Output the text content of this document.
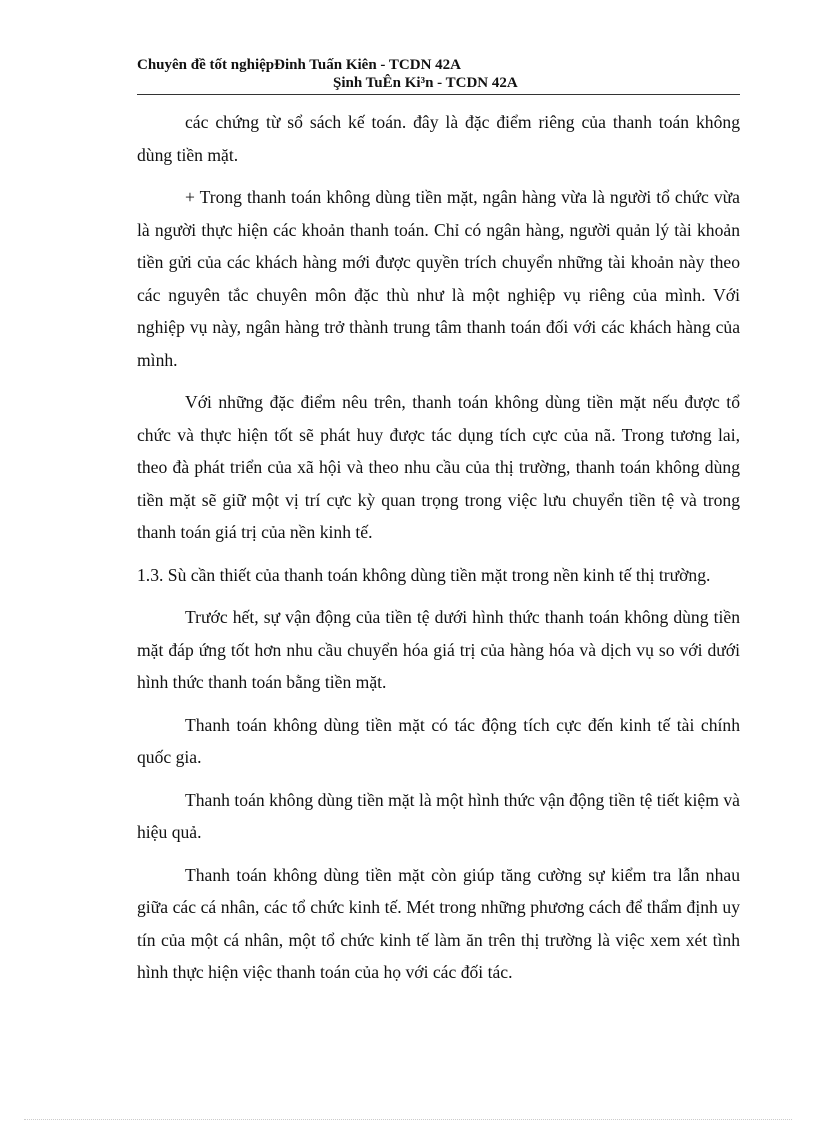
Chuyên đề tốt nghiệpĐinh Tuấn Kiên - TCDN 42A
Şinh TuÊn Ki³n - TCDN 42A

các chứng từ sổ sách kế toán. đây là đặc điểm riêng của thanh toán không dùng tiền mặt.

+ Trong thanh toán không dùng tiền mặt, ngân hàng vừa là người tổ chức vừa là người thực hiện các khoản thanh toán. Chỉ có ngân hàng, người quản lý tài khoản tiền gửi của các khách hàng mới được quyền trích chuyển những tài khoản này theo các nguyên tắc chuyên môn đặc thù như là một nghiệp vụ riêng của mình. Với nghiệp vụ này, ngân hàng trở thành trung tâm thanh toán đối với các khách hàng của mình.

Với những đặc điểm nêu trên, thanh toán không dùng tiền mặt nếu được tổ chức và thực hiện tốt sẽ phát huy được tác dụng tích cực của nã. Trong tương lai, theo đà phát triển của xã hội và theo nhu cầu của thị trường, thanh toán không dùng tiền mặt sẽ giữ một vị trí cực kỳ quan trọng trong việc lưu chuyển tiền tệ và trong thanh toán giá trị của nền kinh tế.

1.3. Sù cần thiết của thanh toán không dùng tiền mặt trong nền kinh tế thị trường.

Trước hết, sự vận động của tiền tệ dưới hình thức thanh toán không dùng tiền mặt đáp ứng tốt hơn nhu cầu chuyển hóa giá trị của hàng hóa và dịch vụ so với dưới hình thức thanh toán bằng tiền mặt.

Thanh toán không dùng tiền mặt có tác động tích cực đến kinh tế tài chính quốc gia.

Thanh toán không dùng tiền mặt là một hình thức vận động tiền tệ tiết kiệm và hiệu quả.

Thanh toán không dùng tiền mặt còn giúp tăng cường sự kiểm tra lẫn nhau giữa các cá nhân, các tổ chức kinh tế. Mét trong những phương cách để thẩm định uy tín của một cá nhân, một tổ chức kinh tế làm ăn trên thị trường là việc xem xét tình hình thực hiện việc thanh toán của họ với các đối tác.
